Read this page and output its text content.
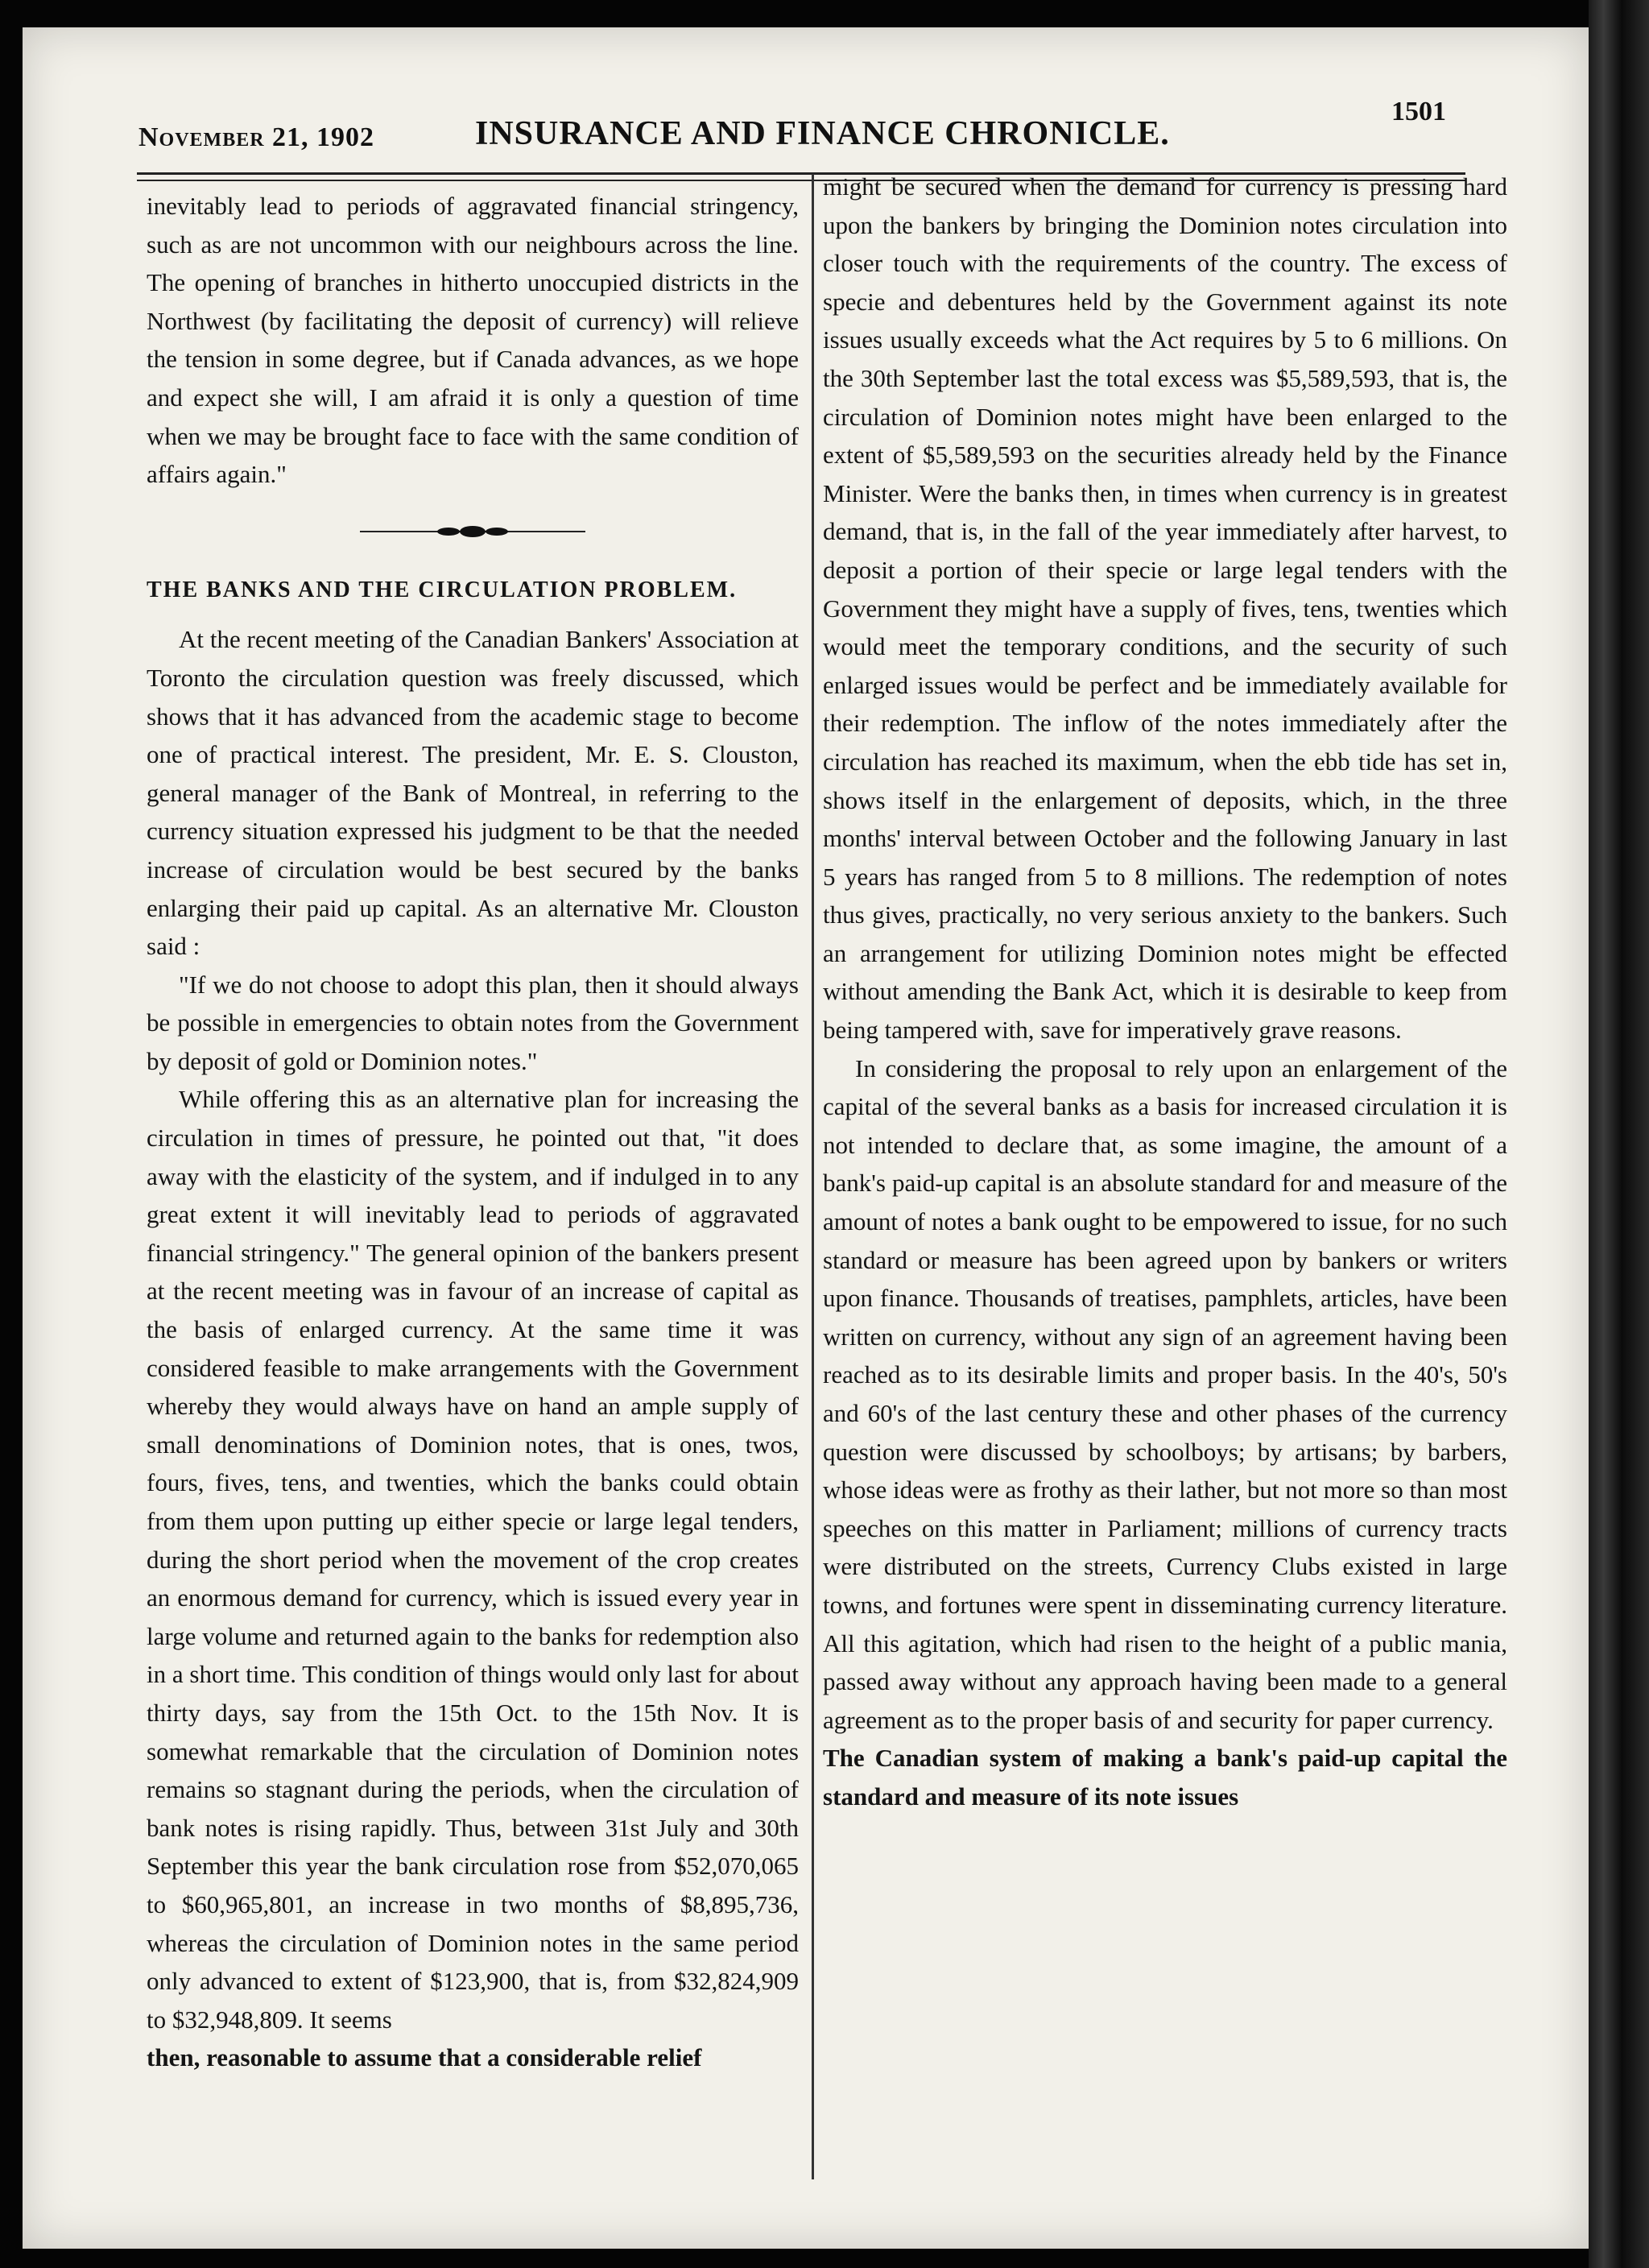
November 21, 1902	INSURANCE AND FINANCE CHRONICLE.
1501

inevitably lead to periods of aggravated financial stringency, such as are not uncommon with our neighbours across the line. The opening of branches in hitherto unoccupied districts in the Northwest (by facilitating the deposit of currency) will relieve the tension in some degree, but if Canada advances, as we hope and expect she will, I am afraid it is only a question of time when we may be brought face to face with the same condition of affairs again."

THE BANKS AND THE CIRCULATION PROBLEM.

At the recent meeting of the Canadian Bankers' Association at Toronto the circulation question was freely discussed, which shows that it has advanced from the academic stage to become one of practical interest. The president, Mr. E. S. Clouston, general manager of the Bank of Montreal, in referring to the currency situation expressed his judgment to be that the needed increase of circulation would be best secured by the banks enlarging their paid up capital. As an alternative Mr. Clouston said :

"If we do not choose to adopt this plan, then it should always be possible in emergencies to obtain notes from the Government by deposit of gold or Dominion notes."

While offering this as an alternative plan for increasing the circulation in times of pressure, he pointed out that, "it does away with the elasticity of the system, and if indulged in to any great extent it will inevitably lead to periods of aggravated financial stringency." The general opinion of the bankers present at the recent meeting was in favour of an increase of capital as the basis of enlarged currency. At the same time it was considered feasible to make arrangements with the Government whereby they would always have on hand an ample supply of small denominations of Dominion notes, that is ones, twos, fours, fives, tens, and twenties, which the banks could obtain from them upon putting up either specie or large legal tenders, during the short period when the movement of the crop creates an enormous demand for currency, which is issued every year in large volume and returned again to the banks for redemption also in a short time. This condition of things would only last for about thirty days, say from the 15th Oct. to the 15th Nov. It is somewhat remarkable that the circulation of Dominion notes remains so stagnant during the periods, when the circulation of bank notes is rising rapidly. Thus, between 31st July and 30th September this year the bank circulation rose from $52,070,065 to $60,965,801, an increase in two months of $8,895,736, whereas the circulation of Dominion notes in the same period only advanced to extent of $123,900, that is, from $32,824,909 to $32,948,809. It seems

then, reasonable to assume that a considerable relief

might be secured when the demand for currency is pressing hard upon the bankers by bringing the Dominion notes circulation into closer touch with the requirements of the country. The excess of specie and debentures held by the Government against its note issues usually exceeds what the Act requires by 5 to 6 millions. On the 30th September last the total excess was $5,589,593, that is, the circulation of Dominion notes might have been enlarged to the extent of $5,589,593 on the securities already held by the Finance Minister. Were the banks then, in times when currency is in greatest demand, that is, in the fall of the year immediately after harvest, to deposit a portion of their specie or large legal tenders with the Government they might have a supply of fives, tens, twenties which would meet the temporary conditions, and the security of such enlarged issues would be perfect and be immediately available for their redemption. The inflow of the notes immediately after the circulation has reached its maximum, when the ebb tide has set in, shows itself in the enlargement of deposits, which, in the three months' interval between October and the following January in last 5 years has ranged from 5 to 8 millions. The redemption of notes thus gives, practically, no very serious anxiety to the bankers. Such an arrangement for utilizing Dominion notes might be effected without amending the Bank Act, which it is desirable to keep from being tampered with, save for imperatively grave reasons.

In considering the proposal to rely upon an enlargement of the capital of the several banks as a basis for increased circulation it is not intended to declare that, as some imagine, the amount of a bank's paid-up capital is an absolute standard for and measure of the amount of notes a bank ought to be empowered to issue, for no such standard or measure has been agreed upon by bankers or writers upon finance. Thousands of treatises, pamphlets, articles, have been written on currency, without any sign of an agreement having been reached as to its desirable limits and proper basis. In the 40's, 50's and 60's of the last century these and other phases of the currency question were discussed by schoolboys; by artisans; by barbers, whose ideas were as frothy as their lather, but not more so than most speeches on this matter in Parliament; millions of currency tracts were distributed on the streets, Currency Clubs existed in large towns, and fortunes were spent in disseminating currency literature. All this agitation, which had risen to the height of a public mania, passed away without any approach having been made to a general agreement as to the proper basis of and security for paper currency.

The Canadian system of making a bank's paid-up capital the standard and measure of its note issues
